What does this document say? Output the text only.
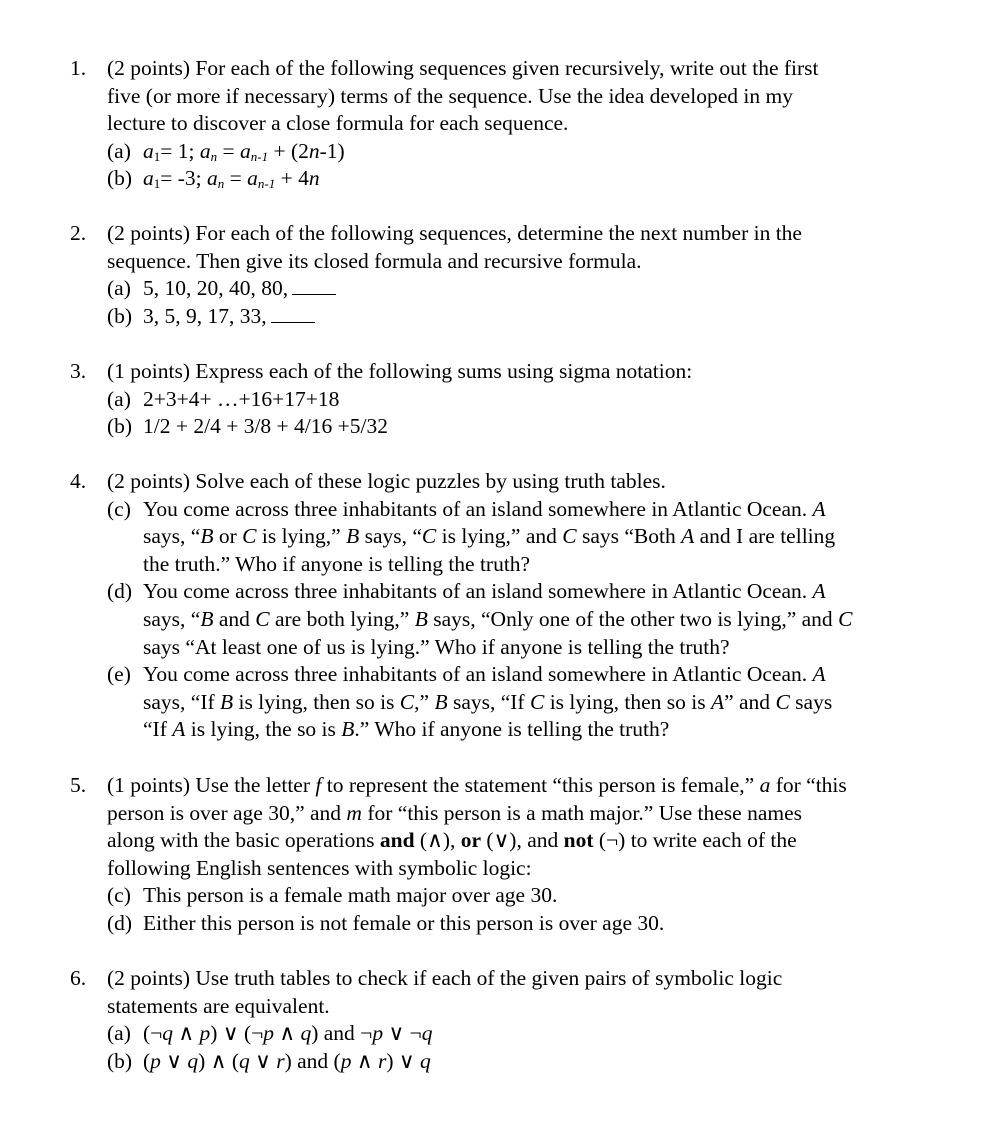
1. (2 points) For each of the following sequences given recursively, write out the first
five (or more if necessary) terms of the sequence. Use the idea developed in my
lecture to discover a close formula for each sequence.
(a) $a_1= 1$; $a_n = a_{n-1} + (2n-1)$
(b) $a_1= -3$; $a_n = a_{n-1} + 4n$
2. (2 points) For each of the following sequences, determine the next number in the
sequence. Then give its closed formula and recursive formula.
(a) 5, 10, 20, 40, 80,
(b) 3, 5, 9, 17, 33,
3. (1 points) Express each of the following sums using sigma notation:
(a) 2+3+4+ …+16+17+18
(b) 1/2 + 2/4 + 3/8 + 4/16 +5/32
4. (2 points) Solve each of these logic puzzles by using truth tables.
(c) You come across three inhabitants of an island somewhere in Atlantic Ocean. A
says, “B or C is lying,” B says, “C is lying,” and C says “Both A and I are telling
the truth.” Who if anyone is telling the truth?
(d) You come across three inhabitants of an island somewhere in Atlantic Ocean. A
says, “B and C are both lying,” B says, “Only one of the other two is lying,” and C
says “At least one of us is lying.” Who if anyone is telling the truth?
(e) You come across three inhabitants of an island somewhere in Atlantic Ocean. A
says, “If B is lying, then so is C,” B says, “If C is lying, then so is A” and C says
“If A is lying, the so is B.” Who if anyone is telling the truth?
5. (1 points) Use the letter f to represent the statement “this person is female,” a for “this
person is over age 30,” and m for “this person is a math major.” Use these names
along with the basic operations and (∧), or (∨), and not (¬) to write each of the
following English sentences with symbolic logic:
(c) This person is a female math major over age 30.
(d) Either this person is not female or this person is over age 30.
6. (2 points) Use truth tables to check if each of the given pairs of symbolic logic
statements are equivalent.
(a) (¬q ∧ p) ∨ (¬p ∧ q) and ¬p ∨ ¬q
(b) (p ∨ q) ∧ (q ∨ r) and (p ∧ r) ∨ q
